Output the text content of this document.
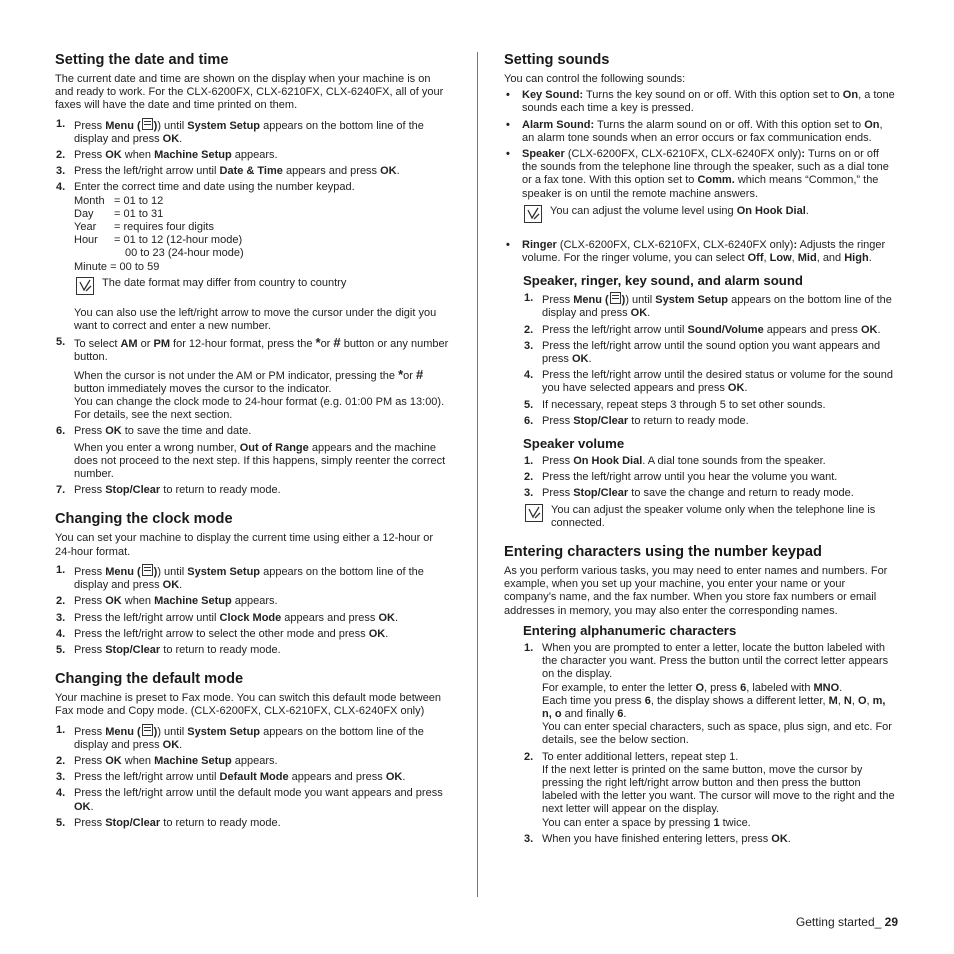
Setting the date and time

The current date and time are shown on the display when your machine is on and ready to work. For the CLX-6200FX, CLX-6210FX, CLX-6240FX, all of your faxes will have the date and time printed on them.

1. Press Menu ( )) until System Setup appears on the bottom line of the display and press OK.
2. Press OK when Machine Setup appears.
3. Press the left/right arrow until Date & Time appears and press OK.
4. Enter the correct time and date using the number keypad.
Month = 01 to 12
Day	= 01 to 31
Year	= requires four digits
Hour	= 01 to 12 (12-hour mode)
00 to 23 (24-hour mode)
Minute = 00 to 59
The date format may differ from country to country
You can also use the left/right arrow to move the cursor under the digit you want to correct and enter a new number.
5. To select AM or PM for 12-hour format, press the *or # button or any number button.
When the cursor is not under the AM or PM indicator, pressing the *or # button immediately moves the cursor to the indicator.
You can change the clock mode to 24-hour format (e.g. 01:00 PM as 13:00). For details, see the next section.
6. Press OK to save the time and date.
When you enter a wrong number, Out of Range appears and the machine does not proceed to the next step. If this happens, simply reenter the correct number.
7. Press Stop/Clear to return to ready mode.
Changing the clock mode

You can set your machine to display the current time using either a 12-hour or 24-hour format.

1. Press Menu ( )) until System Setup appears on the bottom line of the display and press OK.
2. Press OK when Machine Setup appears.
3. Press the left/right arrow until Clock Mode appears and press OK.
4. Press the left/right arrow to select the other mode and press OK.
5. Press Stop/Clear to return to ready mode.
Changing the default mode

Your machine is preset to Fax mode. You can switch this default mode between Fax mode and Copy mode. (CLX-6200FX, CLX-6210FX, CLX-6240FX only)

1. Press Menu ( )) until System Setup appears on the bottom line of the display and press OK.
2. Press OK when Machine Setup appears.
3. Press the left/right arrow until Default Mode appears and press OK.
4. Press the left/right arrow until the default mode you want appears and press OK.
5. Press Stop/Clear to return to ready mode.
Setting sounds

You can control the following sounds:

• Key Sound: Turns the key sound on or off. With this option set to On, a tone sounds each time a key is pressed.
• Alarm Sound: Turns the alarm sound on or off. With this option set to On, an alarm tone sounds when an error occurs or fax communication ends.
• Speaker (CLX-6200FX, CLX-6210FX, CLX-6240FX only): Turns on or off the sounds from the telephone line through the speaker, such as a dial tone or a fax tone. With this option set to Comm. which means “Common,” the speaker is on until the remote machine answers.
You can adjust the volume level using On Hook Dial.
• Ringer (CLX-6200FX, CLX-6210FX, CLX-6240FX only): Adjusts the ringer volume. For the ringer volume, you can select Off, Low, Mid, and High.
Speaker, ringer, key sound, and alarm sound
1. Press Menu ( )) until System Setup appears on the bottom line of the display and press OK.
2. Press the left/right arrow until Sound/Volume appears and press OK.
3. Press the left/right arrow until the sound option you want appears and press OK.
4. Press the left/right arrow until the desired status or volume for the sound you have selected appears and press OK.
5. If necessary, repeat steps 3 through 5 to set other sounds.
6. Press Stop/Clear to return to ready mode.
Speaker volume
1. Press On Hook Dial. A dial tone sounds from the speaker.
2. Press the left/right arrow until you hear the volume you want.
3. Press Stop/Clear to save the change and return to ready mode.
You can adjust the speaker volume only when the telephone line is connected.
Entering characters using the number keypad

As you perform various tasks, you may need to enter names and numbers. For example, when you set up your machine, you enter your name or your company’s name, and the fax number. When you store fax numbers or email addresses in memory, you may also enter the corresponding names.

Entering alphanumeric characters
1. When you are prompted to enter a letter, locate the button labeled with the character you want. Press the button until the correct letter appears on the display.
For example, to enter the letter O, press 6, labeled with MNO.
Each time you press 6, the display shows a different letter, M, N, O, m, n, o and finally 6.
You can enter special characters, such as space, plus sign, and etc. For details, see the below section.
2. To enter additional letters, repeat step 1.
If the next letter is printed on the same button, move the cursor by pressing the right left/right arrow button and then press the button labeled with the letter you want. The cursor will move to the right and the next letter will appear on the display.
You can enter a space by pressing 1 twice.
3. When you have finished entering letters, press OK.
Getting started_ 29
